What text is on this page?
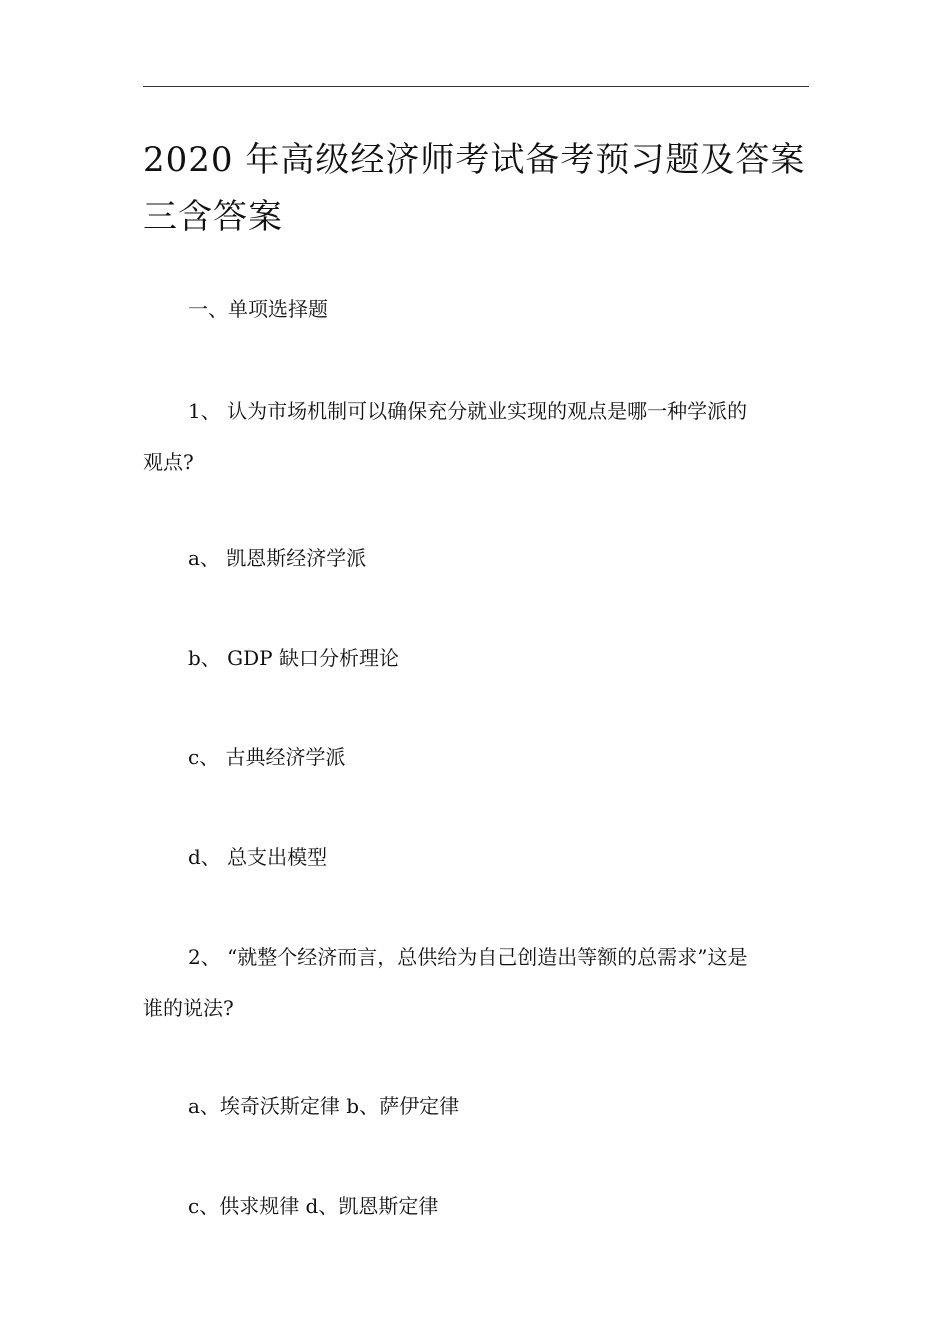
2020 年高级经济师考试备考预习题及答案
三含答案
一、单项选择题
1、 认为市场机制可以确保充分就业实现的观点是哪一种学派的
观点?
a、 凯恩斯经济学派
b、 GDP 缺口分析理论
c、 古典经济学派
d、 总支出模型
2、 “就整个经济而言，总供给为自己创造出等额的总需求”这是
谁的说法?
a、埃奇沃斯定律 b、萨伊定律
c、供求规律 d、凯恩斯定律
